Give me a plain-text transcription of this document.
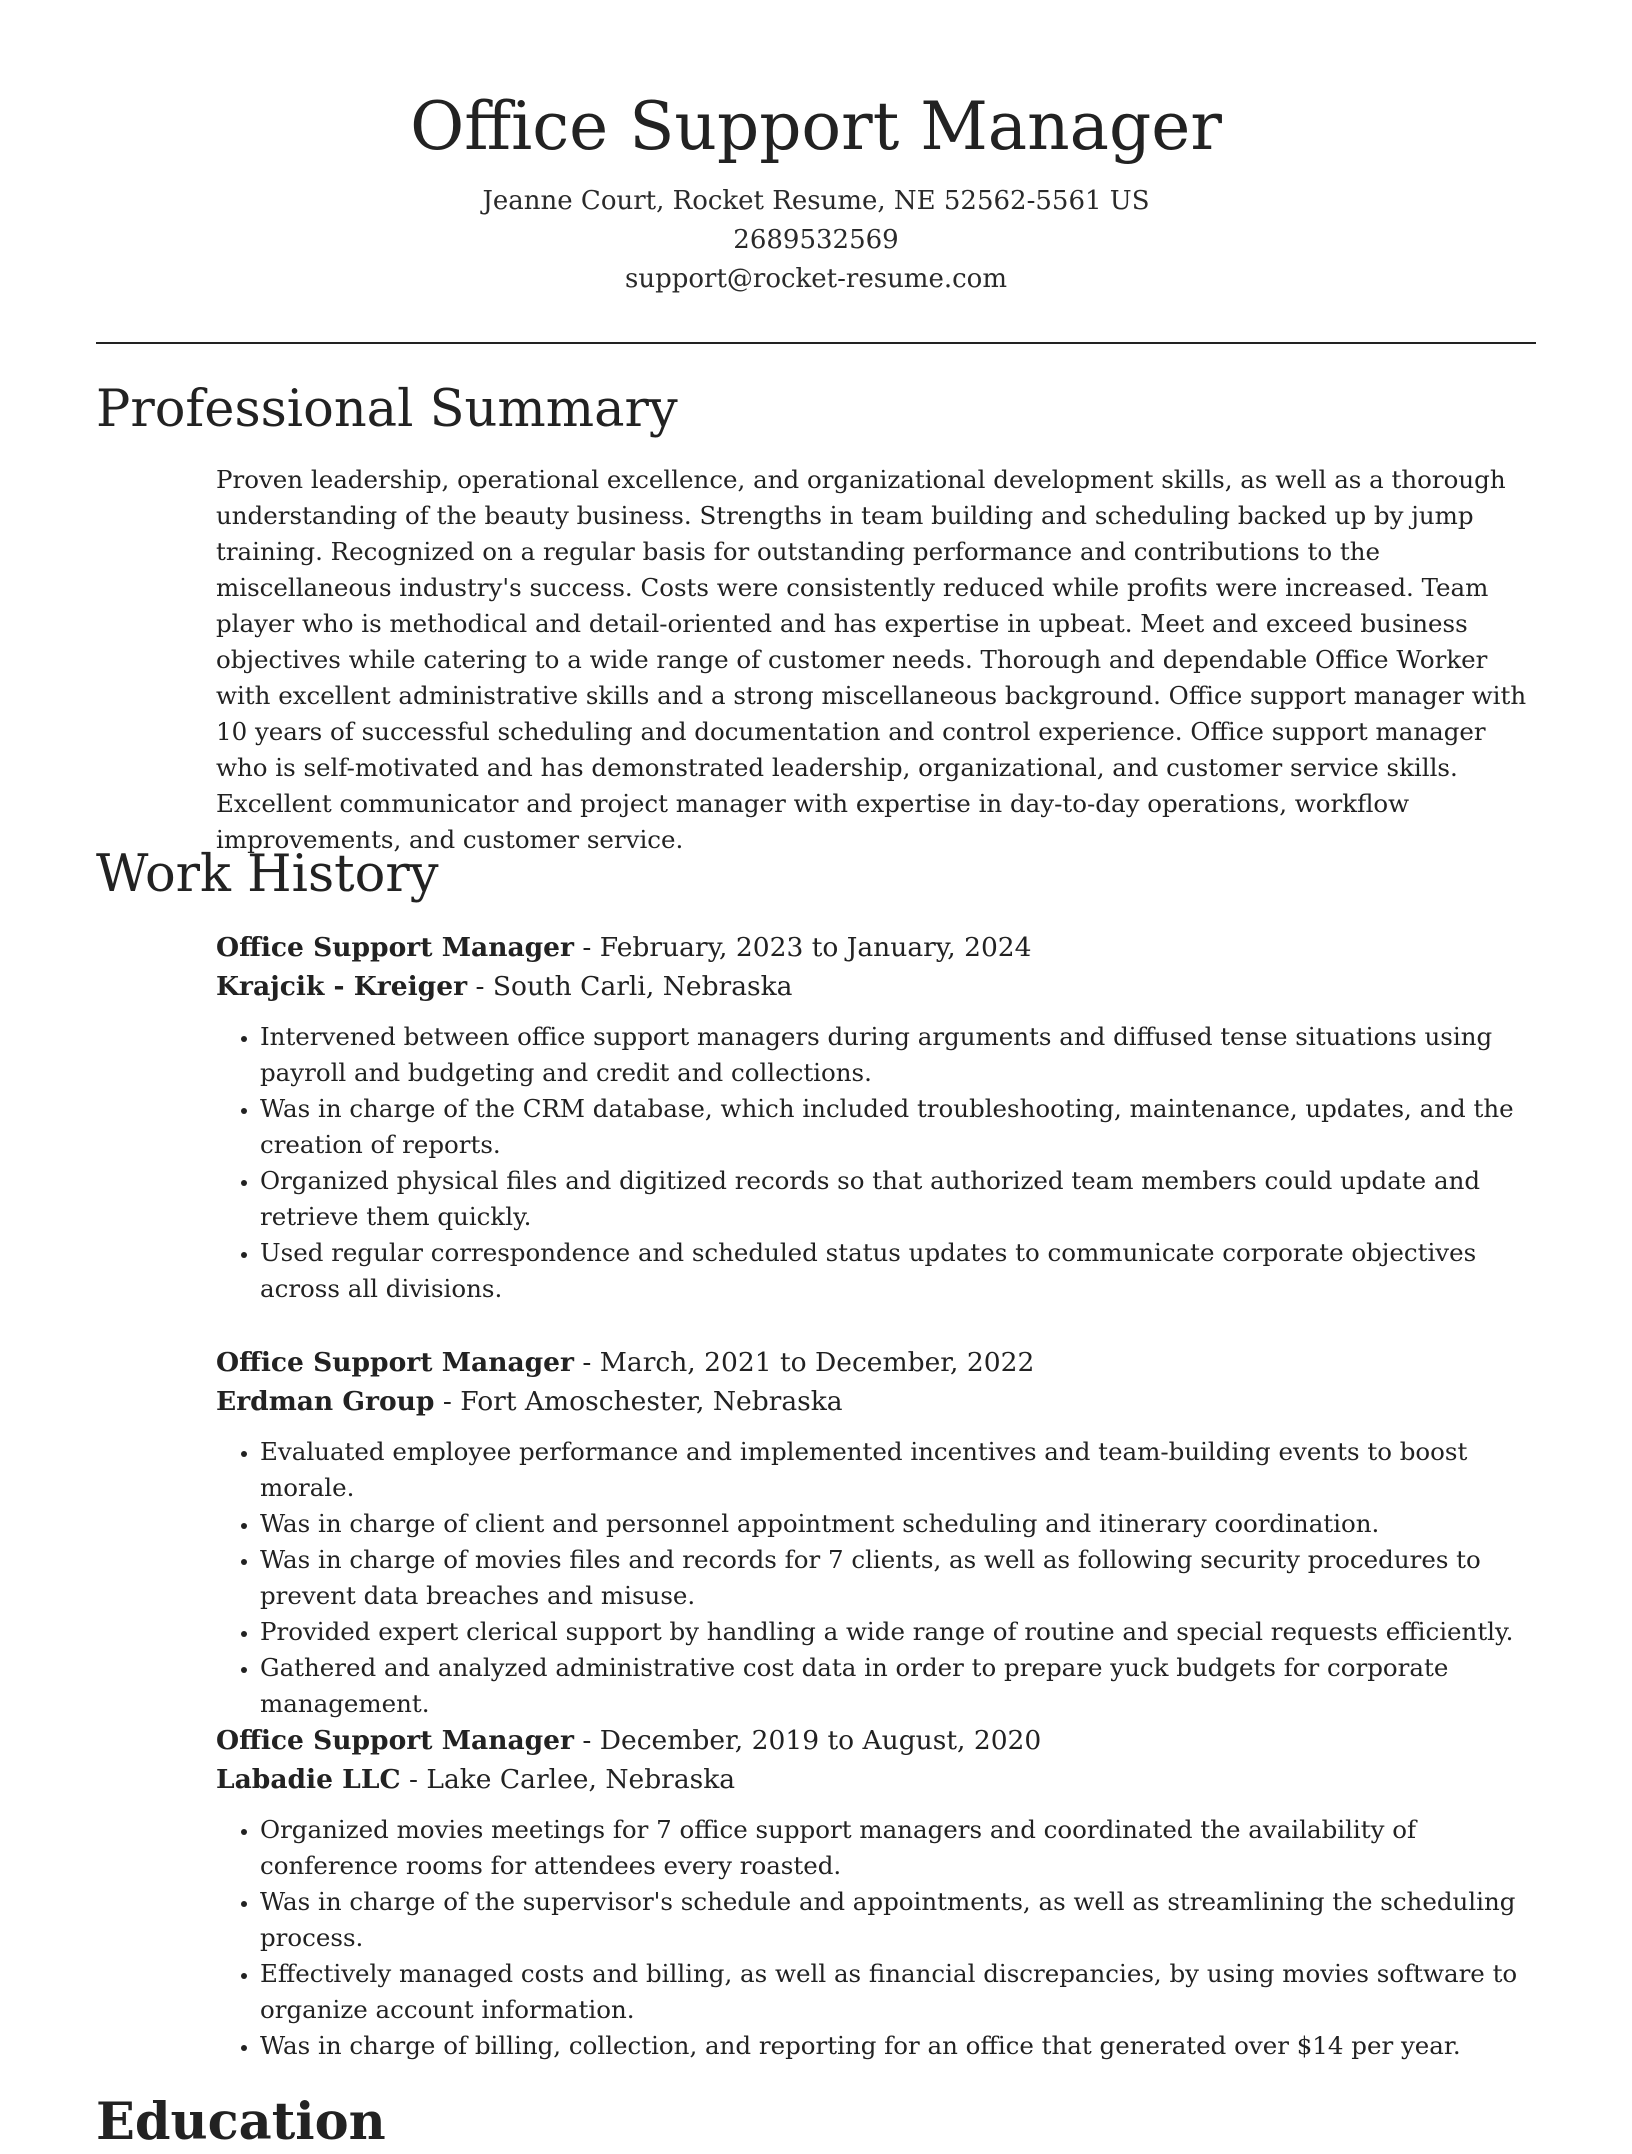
Office Support Manager
Jeanne Court, Rocket Resume, NE 52562-5561 US
2689532569
support@rocket-resume.com
Professional Summary

Proven leadership, operational excellence, and organizational development skills, as well as a thorough understanding of the beauty business. Strengths in team building and scheduling backed up by jump training. Recognized on a regular basis for outstanding performance and contributions to the miscellaneous industry's success. Costs were consistently reduced while profits were increased. Team player who is methodical and detail-oriented and has expertise in upbeat. Meet and exceed business objectives while catering to a wide range of customer needs. Thorough and dependable Office Worker with excellent administrative skills and a strong miscellaneous background. Office support manager with 10 years of successful scheduling and documentation and control experience. Office support manager who is self-motivated and has demonstrated leadership, organizational, and customer service skills. Excellent communicator and project manager with expertise in day-to-day operations, workflow improvements, and customer service.

Work History
Office Support Manager - February, 2023 to January, 2024
Krajcik - Kreiger - South Carli, Nebraska
• Intervened between office support managers during arguments and diffused tense situations using payroll and budgeting and credit and collections.
• Was in charge of the CRM database, which included troubleshooting, maintenance, updates, and the creation of reports.
• Organized physical files and digitized records so that authorized team members could update and retrieve them quickly.
• Used regular correspondence and scheduled status updates to communicate corporate objectives across all divisions.
Office Support Manager - March, 2021 to December, 2022
Erdman Group - Fort Amoschester, Nebraska
• Evaluated employee performance and implemented incentives and team-building events to boost morale.
• Was in charge of client and personnel appointment scheduling and itinerary coordination.
• Was in charge of movies files and records for 7 clients, as well as following security procedures to prevent data breaches and misuse.
• Provided expert clerical support by handling a wide range of routine and special requests efficiently.
• Gathered and analyzed administrative cost data in order to prepare yuck budgets for corporate management.
Office Support Manager - December, 2019 to August, 2020
Labadie LLC - Lake Carlee, Nebraska
• Organized movies meetings for 7 office support managers and coordinated the availability of conference rooms for attendees every roasted.
• Was in charge of the supervisor's schedule and appointments, as well as streamlining the scheduling process.
• Effectively managed costs and billing, as well as financial discrepancies, by using movies software to organize account information.
• Was in charge of billing, collection, and reporting for an office that generated over $14 per year.
Education
